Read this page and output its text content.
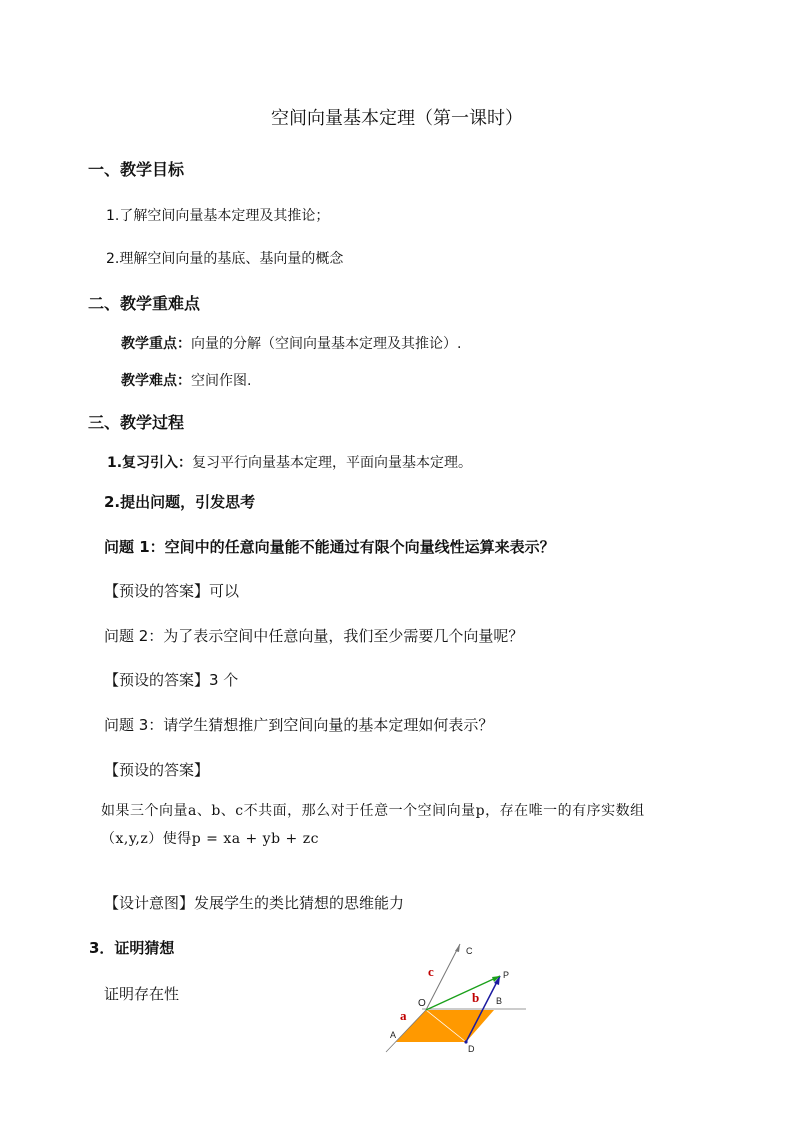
空间向量基本定理（第一课时）
一、教学目标
1.了解空间向量基本定理及其推论；
2.理解空间向量的基底、基向量的概念
二、教学重难点
教学重点：向量的分解（空间向量基本定理及其推论）.
教学难点：空间作图.
三、教学过程
1.复习引入：复习平行向量基本定理，平面向量基本定理。
2.提出问题，引发思考
问题 1：空间中的任意向量能不能通过有限个向量线性运算来表示？
【预设的答案】可以
问题 2：为了表示空间中任意向量，我们至少需要几个向量呢？
【预设的答案】3 个
问题 3：请学生猜想推广到空间向量的基本定理如何表示？
【预设的答案】
如果三个向量a、b、c不共面，那么对于任意一个空间向量p，存在唯一的有序实数组
（x,y,z）使得p = xa + yb + zc
【设计意图】发展学生的类比猜想的思维能力
3．证明猜想
证明存在性
C
P
O	B
A
D
c
b
a
